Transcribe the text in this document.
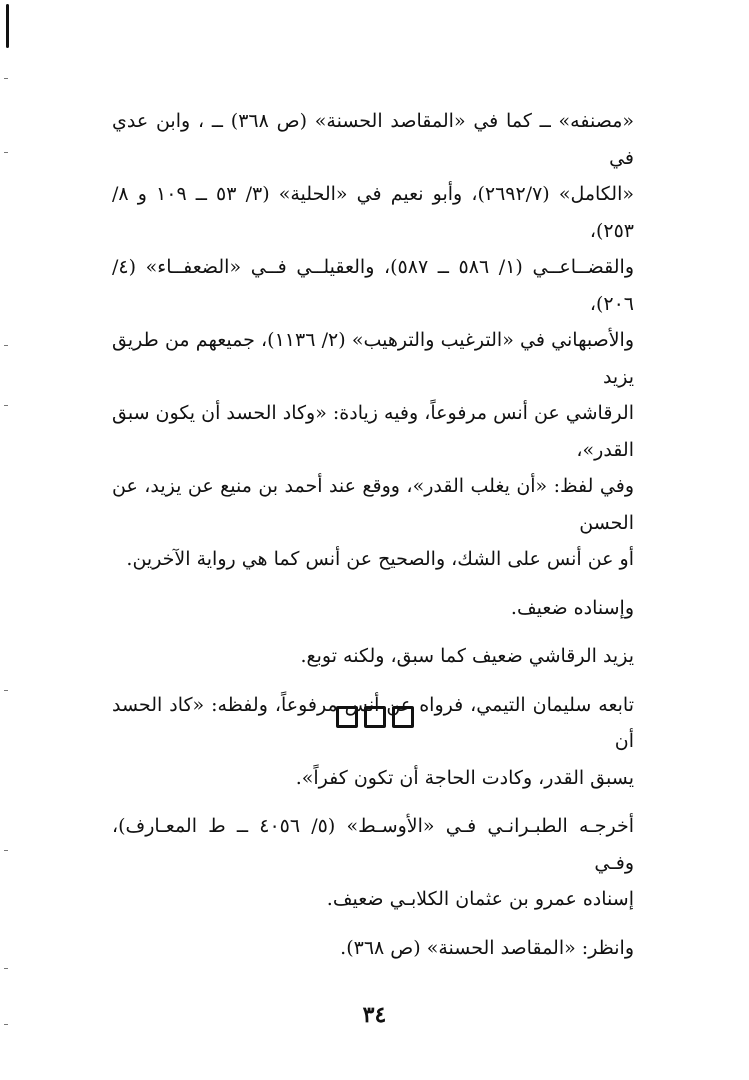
«مصنفه» ــ كما في «المقاصد الحسنة» (ص ٣٦٨) ــ ، وابن عدي في
«الكامل» (٢٦٩٢/٧)، وأبو نعيم في «الحلية» (٣/ ٥٣ ــ ١٠٩ و ٨/ ٢٥٣)،
والقضــاعــي (١/ ٥٨٦ ــ ٥٨٧)، والعقيلــي فــي «الضعفــاء» (٤/ ٢٠٦)،
والأصبهاني في «الترغيب والترهيب» (٢/ ١١٣٦)، جميعهم من طريق يزيد
الرقاشي عن أنس مرفوعاً، وفيه زيادة: «وكاد الحسد أن يكون سبق القدر»،
وفي لفظ: «أن يغلب القدر»، ووقع عند أحمد بن منيع عن يزيد، عن الحسن
أو عن أنس على الشك، والصحيح عن أنس كما هي رواية الآخرين.

وإسناده ضعيف.

يزيد الرقاشي ضعيف كما سبق، ولكنه توبع.

تابعه سليمان التيمي، فرواه عن أنس مرفوعاً، ولفظه: «كاد الحسد أن
يسبق القدر، وكادت الحاجة أن تكون كفراً».

أخرجـه الطبـرانـي فـي «الأوسـط» (٥/ ٤٠٥٦ ــ ط المعـارف)، وفـي
إسناده عمرو بن عثمان الكلابـي ضعيف.

وانظر: «المقاصد الحسنة» (ص ٣٦٨).

٣٤
